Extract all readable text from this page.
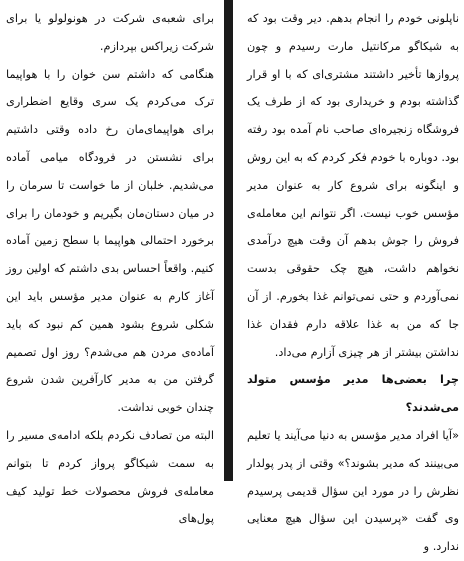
برای شعبه‌ی شرکت در هونولولو یا برای شرکت زیراکس بپردازم.

هنگامی که داشتم سن خوان را با هواپیما ترک می‌کردم یک سری وقایع اضطراری برای هواپیمای‌مان رخ داده وقتی داشتیم برای نشستن در فرودگاه میامی آماده می‌شدیم. خلبان از ما خواست تا سرمان را در میان دستان‌مان بگیریم و خودمان را برای برخورد احتمالی هواپیما با سطح زمین آماده کنیم. واقعاً احساس بدی داشتم که اولین روز آغاز کارم به عنوان مدیر مؤسس باید این شکلی شروع بشود همین کم نبود که باید آماده‌ی مردن هم می‌شدم؟ روز اول تصمیم گرفتن من به مدیر کارآفرین شدن شروع چندان خوبی نداشت.

البته من تصادف نکردم بلکه ادامه‌ی مسیر را به سمت شیکاگو پرواز کردم تا بتوانم معامله‌ی فروش محصولات خط تولید کیف پول‌های

ناپلونی خودم را انجام بدهم. دیر وقت بود که به شیکاگو مرکانتیل مارت رسیدم و چون پروازها تأخیر داشتند مشتری‌ای که با او قرار گذاشته بودم و خریداری بود که از طرف یک فروشگاه زنجیره‌ای صاحب نام آمده بود رفته بود. دوباره با خودم فکر کردم که به این روش و اینگونه برای شروع کار به عنوان مدیر مؤسس خوب نیست. اگر نتوانم این معامله‌ی فروش را جوش بدهم آن وقت هیچ درآمدی نخواهم داشت، هیچ چک حقوقی بدست نمی‌آوردم و حتی نمی‌توانم غذا بخورم. از آن جا که من به غذا علاقه دارم فقدان غذا نداشتن بیشتر از هر چیزی آزارم می‌داد.

چرا بعضی‌ها مدیر مؤسس متولد می‌شدند؟

«آیا افراد مدیر مؤسس به دنیا می‌آیند یا تعلیم می‌بینند که مدیر بشوند؟» وقتی از پدر پولدار نظرش را در مورد این سؤال قدیمی پرسیدم وی گفت «پرسیدن این سؤال هیچ معنایی ندارد. و
